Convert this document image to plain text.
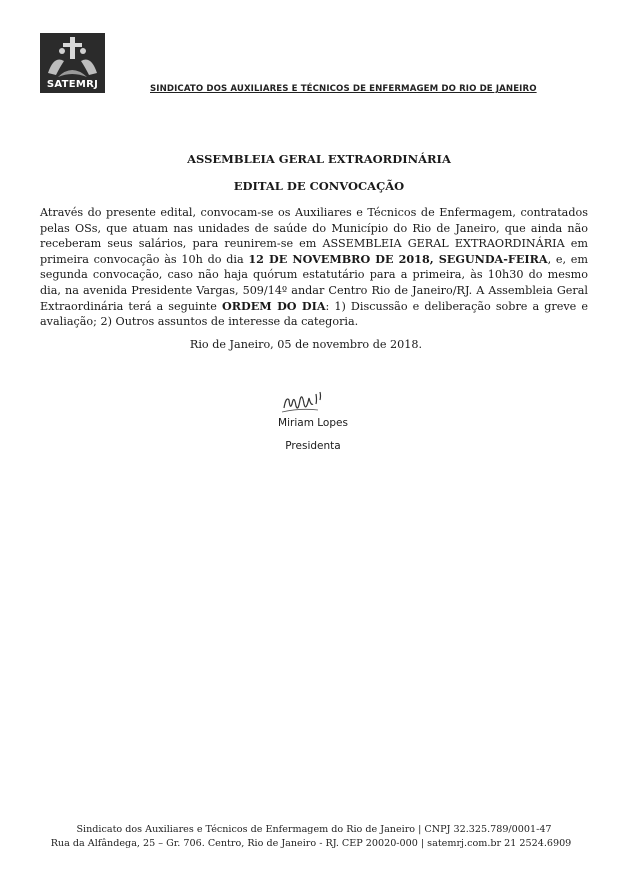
SATEMRJ	SINDICATO DOS AUXILIARES E TÉCNICOS DE ENFERMAGEM DO RIO DE JANEIRO
ASSEMBLEIA GERAL EXTRAORDINÁRIA
EDITAL DE CONVOCAÇÃO
Através do presente edital, convocam-se os Auxiliares e Técnicos de Enfermagem, contratados pelas OSs, que atuam nas unidades de saúde do Município do Rio de Janeiro, que ainda não receberam seus salários, para reunirem-se em ASSEMBLEIA GERAL EXTRAORDINÁRIA em primeira convocação às 10h do dia 12 DE NOVEMBRO DE 2018, SEGUNDA-FEIRA, e, em segunda convocação, caso não haja quórum estatutário para a primeira, às 10h30 do mesmo dia, na avenida Presidente Vargas, 509/14º andar Centro Rio de Janeiro/RJ. A Assembleia Geral Extraordinária terá a seguinte ORDEM DO DIA: 1) Discussão e deliberação sobre a greve e avaliação; 2) Outros assuntos de interesse da categoria.
Rio de Janeiro, 05 de novembro de 2018.
Miriam Lopes
Presidenta
Sindicato dos Auxiliares e Técnicos de Enfermagem do Rio de Janeiro | CNPJ 32.325.789/0001-47
Rua da Alfândega, 25 – Gr. 706. Centro, Rio de Janeiro - RJ. CEP 20020-000 | satemrj.com.br 21 2524.6909
